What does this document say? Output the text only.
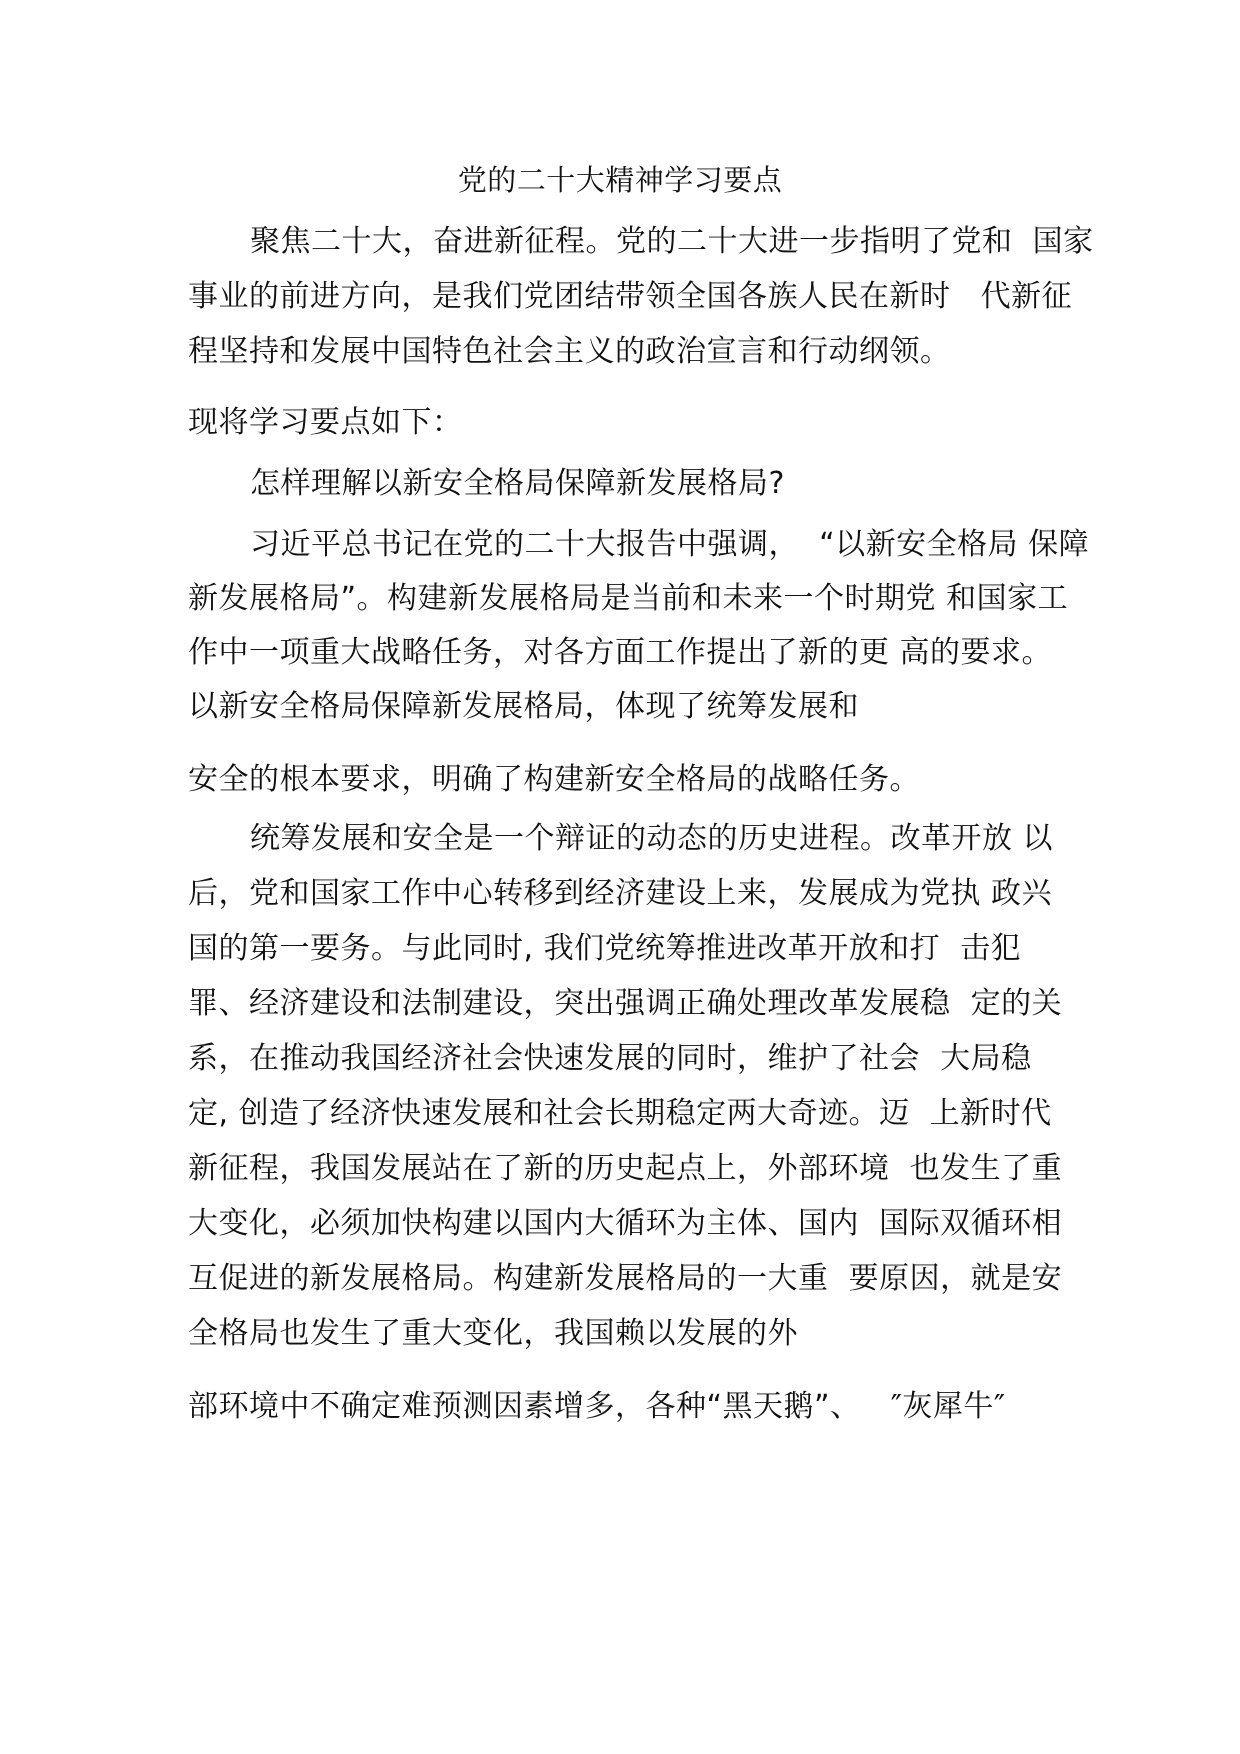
党的二十大精神学习要点
聚焦二十大，奋进新征程。党的二十大进一步指明了党和  国家
事业的前进方向，是我们党团结带领全国各族人民在新时   代新征
程坚持和发展中国特色社会主义的政治宣言和行动纲领。
现将学习要点如下：
怎样理解以新安全格局保障新发展格局?
习近平总书记在党的二十大报告中强调，  “以新安全格局 保障
新发展格局”。构建新发展格局是当前和未来一个时期党 和国家工
作中一项重大战略任务，对各方面工作提出了新的更 高的要求。
以新安全格局保障新发展格局，体现了统筹发展和
安全的根本要求，明确了构建新安全格局的战略任务。
统筹发展和安全是一个辩证的动态的历史进程。改革开放 以
后，党和国家工作中心转移到经济建设上来，发展成为党执 政兴
国的第一要务。与此同时, 我们党统筹推进改革开放和打  击犯
罪、经济建设和法制建设，突出强调正确处理改革发展稳  定的关
系，在推动我国经济社会快速发展的同时，维护了社会  大局稳
定, 创造了经济快速发展和社会长期稳定两大奇迹。迈  上新时代
新征程，我国发展站在了新的历史起点上，外部环境  也发生了重
大变化，必须加快构建以国内大循环为主体、国内  国际双循环相
互促进的新发展格局。构建新发展格局的一大重  要原因，就是安
全格局也发生了重大变化，我国赖以发展的外
部环境中不确定难预测因素增多，各种“黑天鹅”、   ″灰犀牛″
